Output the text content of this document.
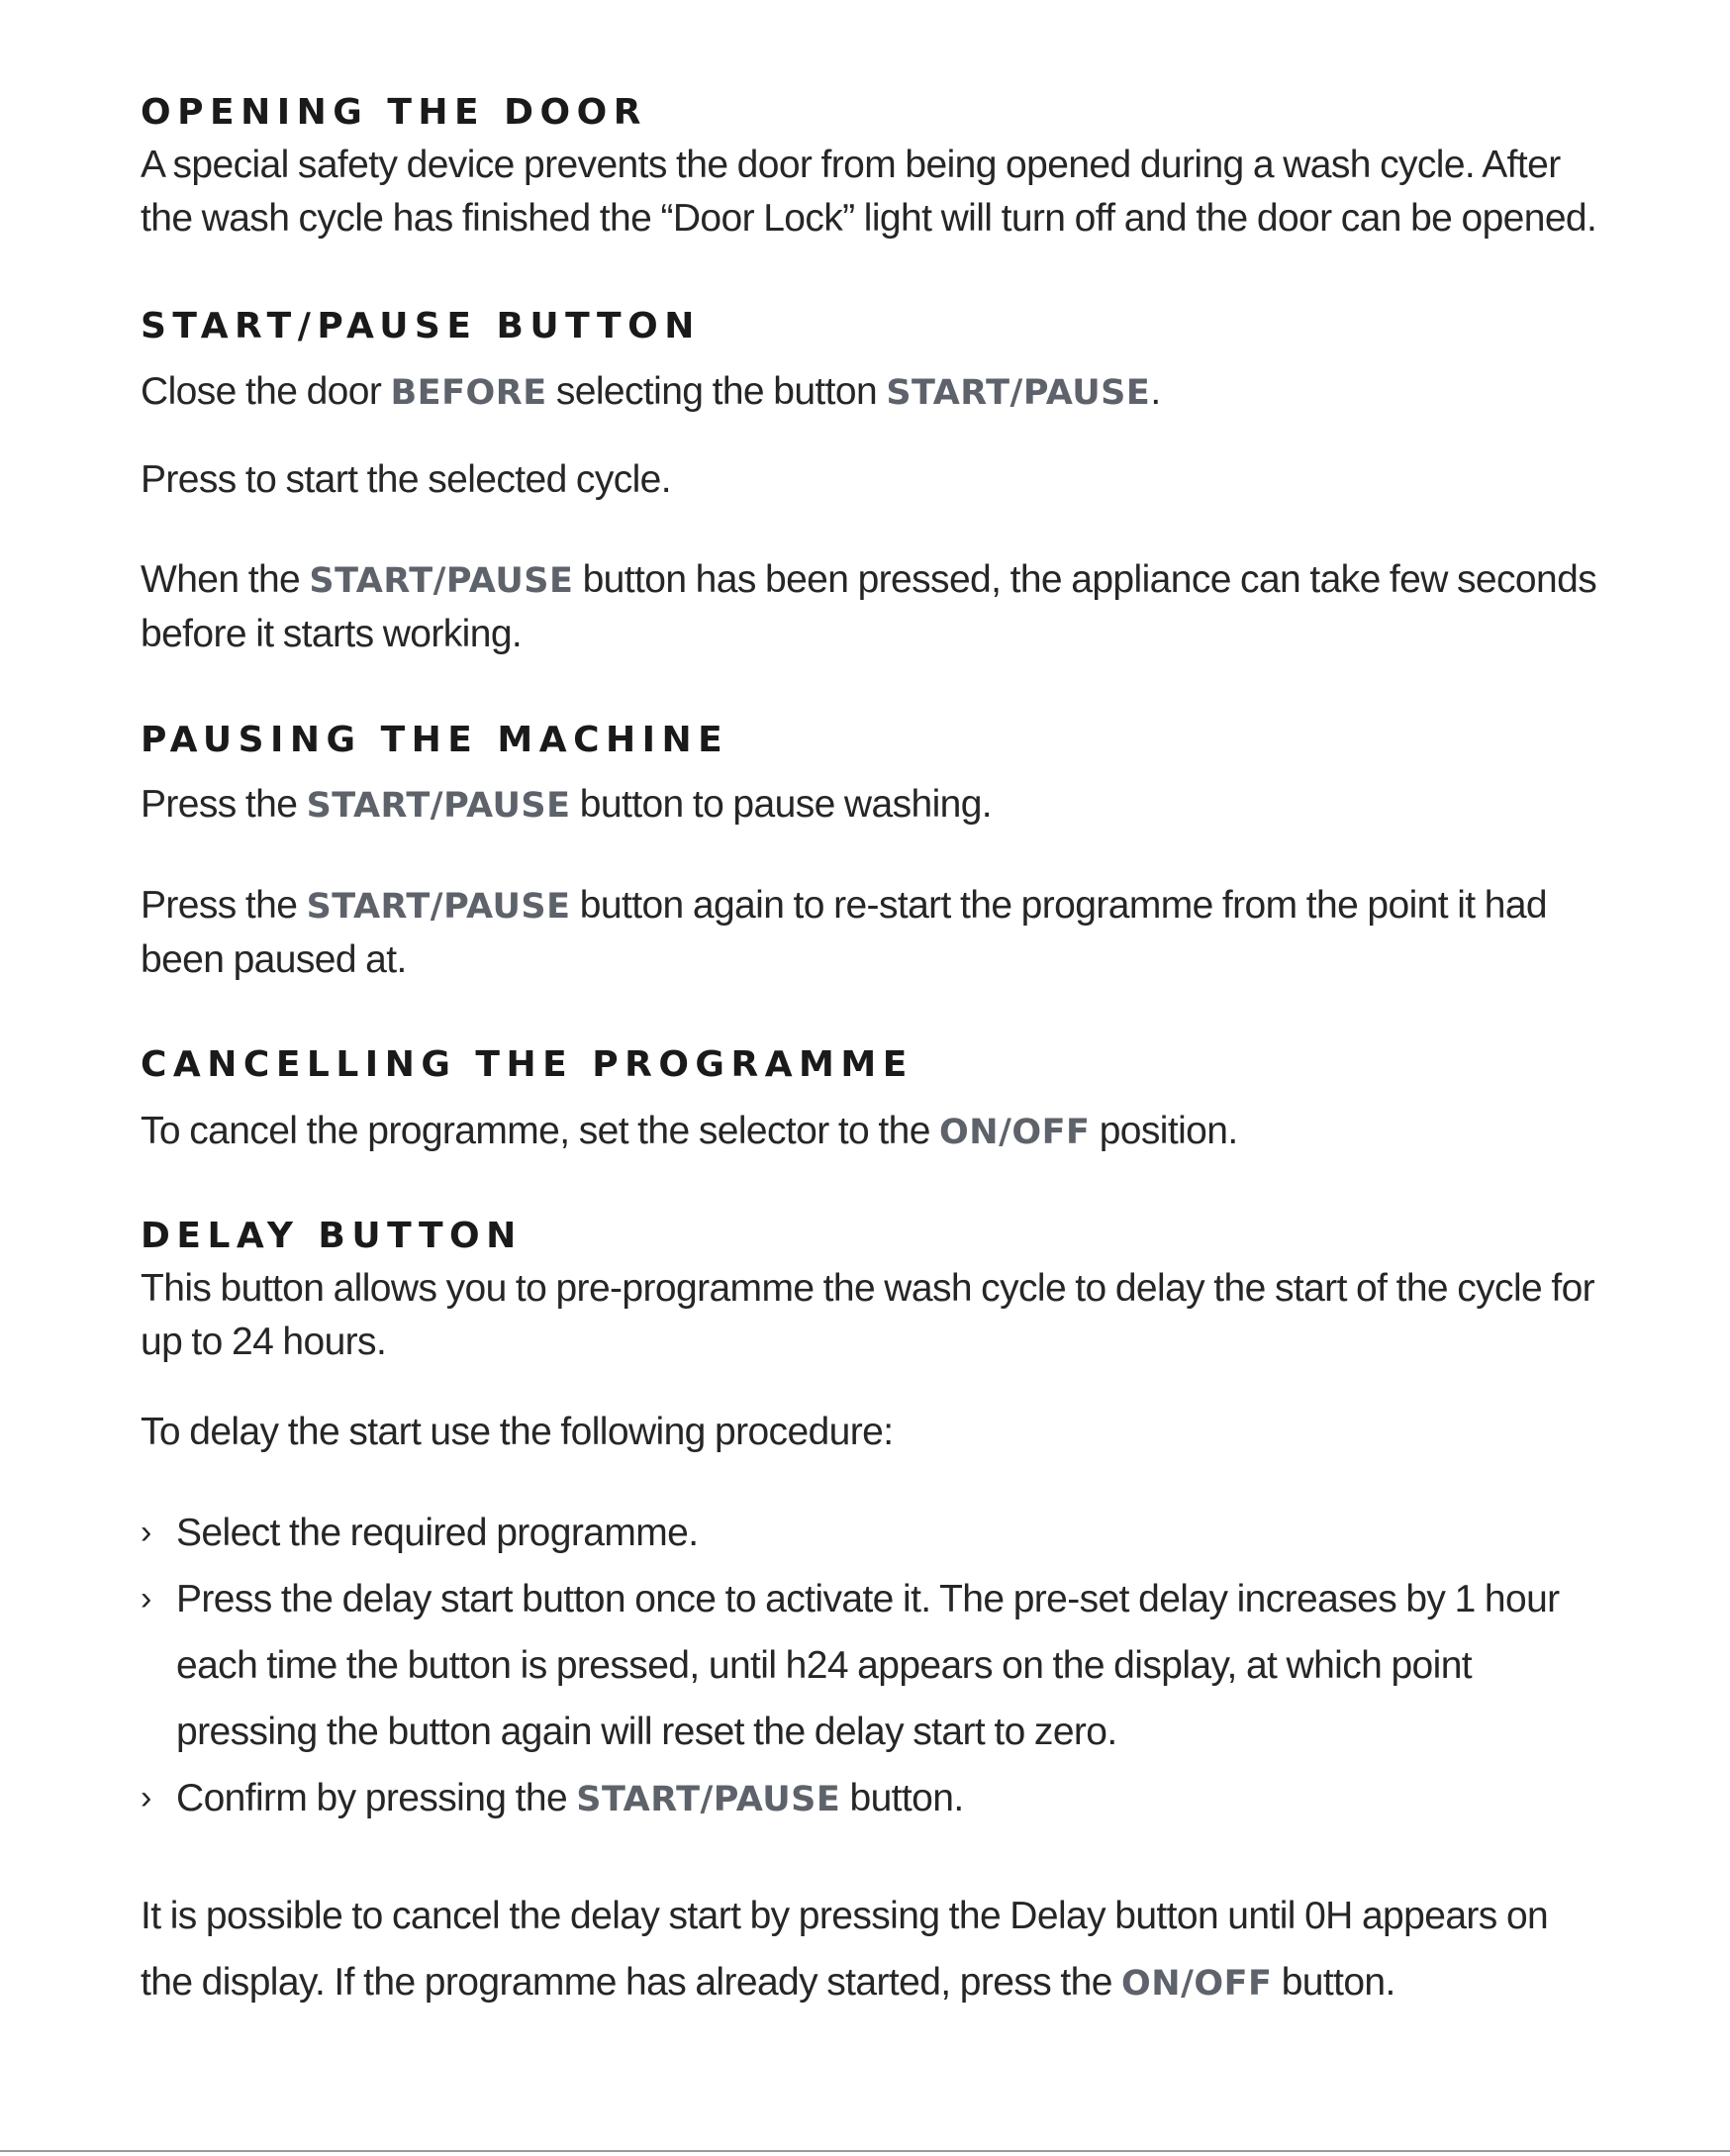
OPENING THE DOOR

A special safety device prevents the door from being opened during a wash cycle. After the wash cycle has finished the “Door Lock” light will turn off and the door can be opened.

START/PAUSE BUTTON

Close the door BEFORE selecting the button START/PAUSE.

Press to start the selected cycle.

When the START/PAUSE button has been pressed, the appliance can take few seconds before it starts working.

PAUSING THE MACHINE

Press the START/PAUSE button to pause washing.

Press the START/PAUSE button again to re-start the programme from the point it had been paused at.

CANCELLING THE PROGRAMME

To cancel the programme, set the selector to the ON/OFF position.

DELAY BUTTON

This button allows you to pre-programme the wash cycle to delay the start of the cycle for up to 24 hours.

To delay the start use the following procedure:

› Select the required programme.
› Press the delay start button once to activate it. The pre-set delay increases by 1 hour each time the button is pressed, until h24 appears on the display, at which point pressing the button again will reset the delay start to zero.
› Confirm by pressing the START/PAUSE button.

It is possible to cancel the delay start by pressing the Delay button until 0H appears on the display. If the programme has already started, press the ON/OFF button.
